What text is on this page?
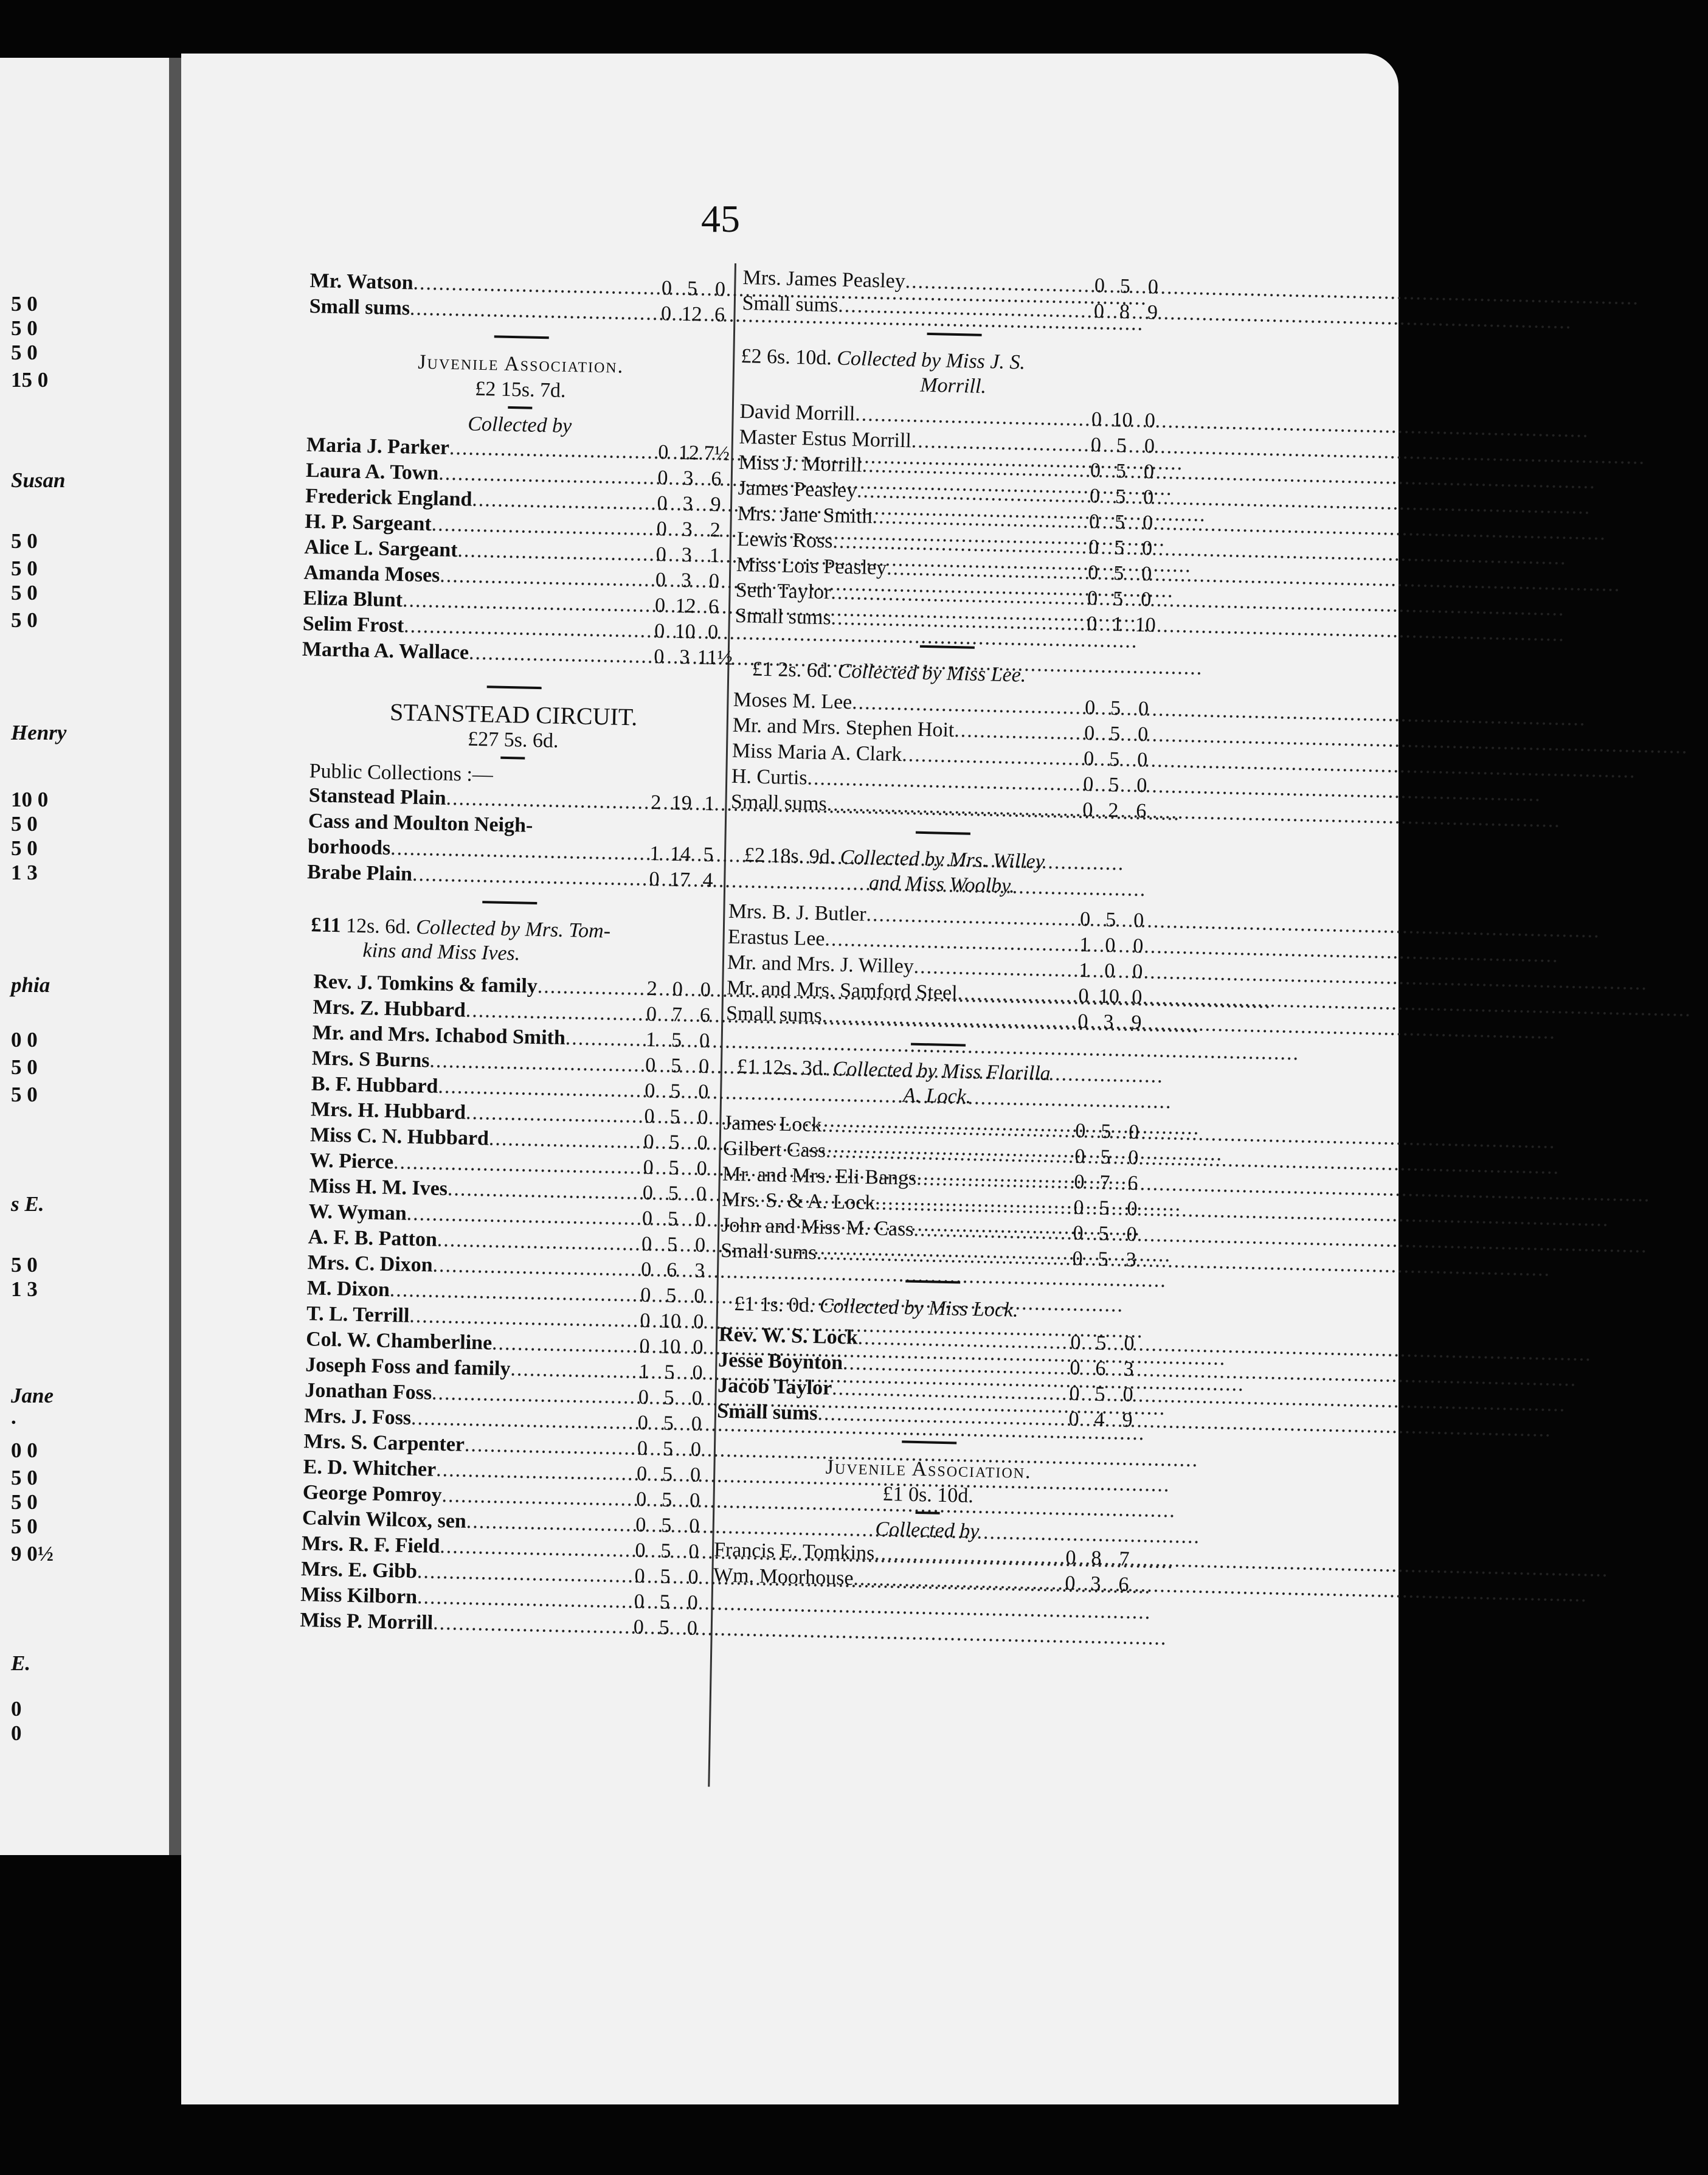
5 0
5 0
5 0
15 0
Susan
5 0
5 0
5 0
5 0
Henry
10 0
5 0
5 0
1 3
phia
0 0
5 0
5 0
s E.
5 0
1 3
Jane
.
0 0
5 0
5 0
5 0
9 0½
E.
0
0
45
Mr. Watson .....	0 5 0
Small sums .....	0 12 6
Juvenile Association.
£2 15s. 7d.
Collected by
Maria J. Parker .....	0 12 7½
Laura A. Town .....	0 3 6
Frederick England .....	0 3 9
H. P. Sargeant .....	0 3 2
Alice L. Sargeant .....	0 3 1
Amanda Moses .....	0 3 0
Eliza Blunt .....	0 12 6
Selim Frost .....	0 10 0
Martha A. Wallace .....	0 3 11½
STANSTEAD CIRCUIT.
£27 5s. 6d.
Public Collections :—
Stanstead Plain .....	2 19 1
Cass and Moulton Neigh-
borhoods .....	1 14 5
Brabe Plain .....	0 17 4
£11 12s. 6d. Collected by Mrs. Tom-
kins and Miss Ives.
Rev. J. Tomkins & family .....	2 0 0
Mrs. Z. Hubbard .....	0 7 6
Mr. and Mrs. Ichabod Smith .....	1 5 0
Mrs. S Burns .....	0 5 0
B. F. Hubbard .....	0 5 0
Mrs. H. Hubbard .....	0 5 0
Miss C. N. Hubbard .....	0 5 0
W. Pierce .....	0 5 0
Miss H. M. Ives .....	0 5 0
W. Wyman .....	0 5 0
A. F. B. Patton .....	0 5 0
Mrs. C. Dixon .....	0 6 3
M. Dixon .....	0 5 0
T. L. Terrill .....	0 10 0
Col. W. Chamberline .....	0 10 0
Joseph Foss and family .....	1 5 0
Jonathan Foss .....	0 5 0
Mrs. J. Foss .....	0 5 0
Mrs. S. Carpenter .....	0 5 0
E. D. Whitcher .....	0 5 0
George Pomroy .....	0 5 0
Calvin Wilcox, sen .....	0 5 0
Mrs. R. F. Field .....	0 5 0
Mrs. E. Gibb .....	0 5 0
Miss Kilborn .....	0 5 0
Miss P. Morrill .....	0 5 0
Mrs. James Peasley .....	0 5 0
Small sums .....	0 8 9
£2 6s. 10d. Collected by Miss J. S.
Morrill.
David Morrill .....	0 10 0
Master Estus Morrill .....	0 5 0
Miss J. Morrill .....	0 5 0
James Peasley .....	0 5 0
Mrs. Jane Smith .....	0 5 0
Lewis Ross .....	0 5 0
Miss Lois Peasley .....	0 5 0
Seth Taylor .....	0 5 0
Small sums .....	0 1 10
£1 2s. 6d. Collected by Miss Lee.
Moses M. Lee .....	0 5 0
Mr. and Mrs. Stephen Hoit .....	0 5 0
Miss Maria A. Clark .....	0 5 0
H. Curtis .....	0 5 0
Small sums .....	0 2 6
£2 18s. 9d. Collected by Mrs. Willey
and Miss Woolby.
Mrs. B. J. Butler .....	0 5 0
Erastus Lee .....	1 0 0
Mr. and Mrs. J. Willey .....	1 0 0
Mr. and Mrs. Samford Steel .....	0 10 0
Small sums .....	0 3 9
£1 12s. 3d. Collected by Miss Florilla
A. Lock.
James Lock .....	0 5 0
Gilbert Cass .....	0 5 0
Mr. and Mrs. Eli Bangs .....	0 7 6
Mrs. S. & A. Lock .....	0 5 0
John and Miss M. Cass .....	0 5 0
Small sums .....	0 5 3
£1 1s. 0d. Collected by Miss Lock.
Rev. W. S. Lock .....	0 5 0
Jesse Boynton .....	0 6 3
Jacob Taylor .....	0 5 0
Small sums .....	0 4 9
Juvenile Association.
£1 0s. 10d.
Collected by
Francis E. Tomkins .....	0 8 7
Wm. Moorhouse .....	0 3 6
